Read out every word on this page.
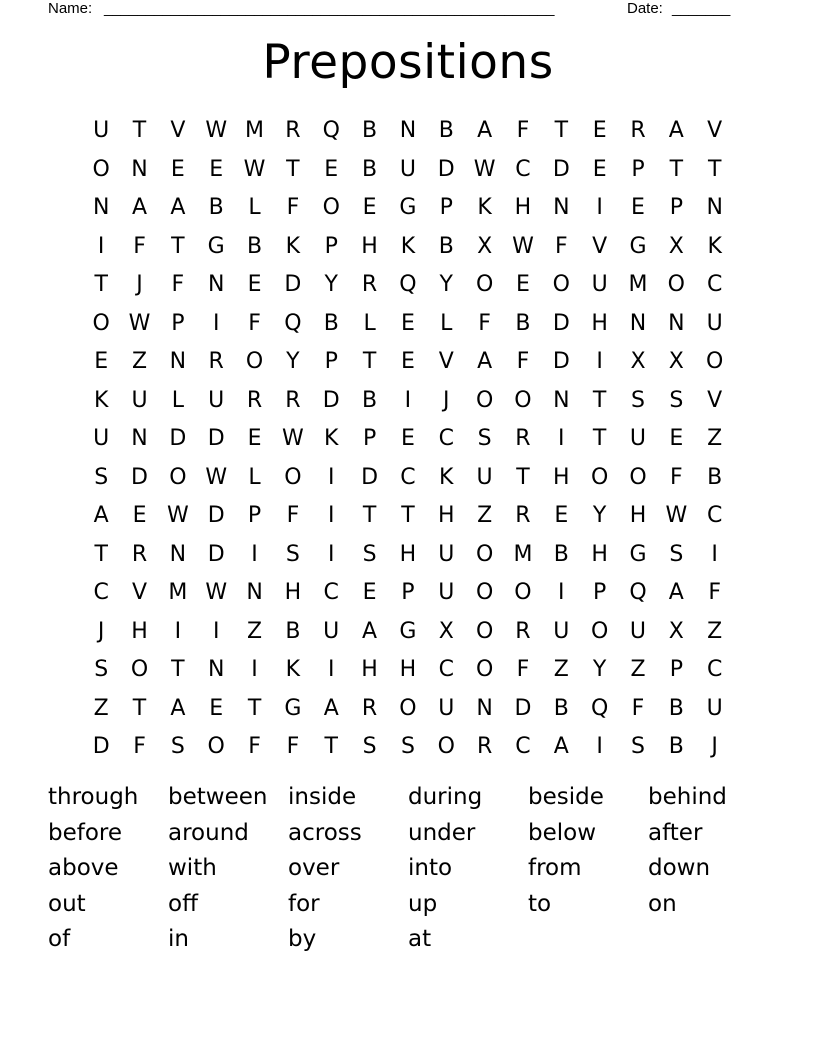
Name: ______________________________________________________	Date: _______
Prepositions
U	T	V W M R	Q	B	N	B	A	F	T	E	R	A	V
O N	E	E W T	E	B	U D W C	D	E	P	T	T
N	A	A	B	L	F	O	E	G	P	K	H N	I	E	P	N
I	F	T	G	B	K	P	H	K	B	X W F	V	G	X	K
T	J	F	N	E	D	Y	R	Q	Y	O	E	O U M O	C
O W P	I	F	Q	B	L	E	L	F	B	D H N N	U
E	Z	N	R	O	Y	P	T	E	V	A	F	D	I	X	X	O
K	U	L	U	R	R	D	B	I	J	O O N	T	S	S	V
U	N D D	E W K	P	E	C	S	R	I	T	U	E	Z
S	D O W L	O	I	D	C	K	U	T	H O O	F	B
A	E W D	P	F	I	T	T	H	Z	R	E	Y	H W C
T	R	N D	I	S	I	S	H	U O M B	H G	S	I
C	V M W N H	C	E	P	U O O	I	P	Q	A	F
J	H	I	I	Z	B	U	A	G	X	O	R	U O U	X	Z
S	O	T	N	I	K	I	H H	C O	F	Z	Y	Z	P	C
Z	T	A	E	T	G	A	R	O U	N D	B	Q	F	B	U
D	F	S	O	F	F	T	S	S	O	R	C	A	I	S	B	J
through	between inside	during	beside	behind
before	around	across	under	below	after
above	with	over	into	from	down
out	off	for	up	to	on
of	in	by	at
